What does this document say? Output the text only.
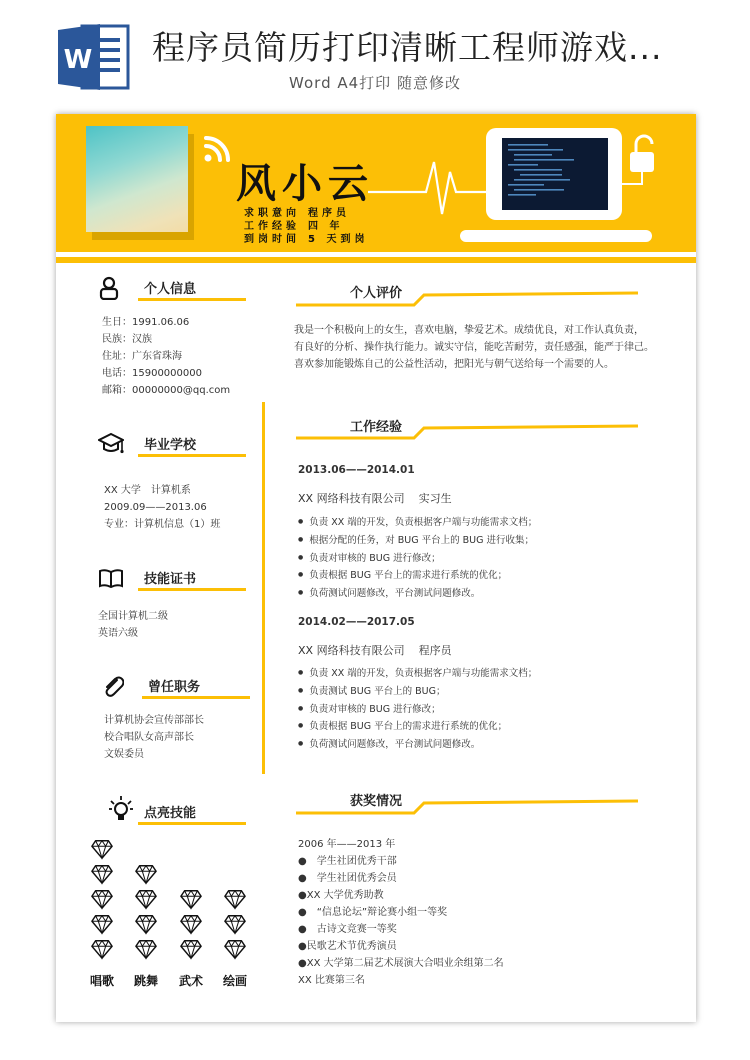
W 程序员简历打印清晰工程师游戏...
Word A4打印 随意修改
风小云
求职意向 程序员
工作经验 四 年
到岗时间 5 天到岗
个人信息
生日：1991.06.06
民族：汉族
住址：广东省珠海
电话：15900000000
邮箱：00000000@qq.com
毕业学校
XX 大学　计算机系
2009.09——2013.06
专业：计算机信息（1）班
技能证书
全国计算机二级
英语六级
曾任职务
计算机协会宣传部部长
校合唱队女高声部长
文娱委员
点亮技能
唱歌	跳舞	武术	绘画
个人评价
我是一个积极向上的女生，喜欢电脑，挚爱艺术。成绩优良，对工作认真负责，
有良好的分析、操作执行能力。诚实守信，能吃苦耐劳，责任感强，能严于律己。
喜欢参加能锻炼自己的公益性活动，把阳光与朝气送给每一个需要的人。
工作经验
2013.06——2014.01
XX 网络科技有限公司 实习生
● 负责 XX 端的开发，负责根据客户端与功能需求文档；
● 根据分配的任务，对 BUG 平台上的 BUG 进行收集；
● 负责对审核的 BUG 进行修改；
● 负责根据 BUG 平台上的需求进行系统的优化；
● 负荷测试问题修改，平台测试问题修改。
2014.02——2017.05
XX 网络科技有限公司 程序员
● 负责 XX 端的开发，负责根据客户端与功能需求文档；
● 负责测试 BUG 平台上的 BUG；
● 负责对审核的 BUG 进行修改；
● 负责根据 BUG 平台上的需求进行系统的优化；
● 负荷测试问题修改，平台测试问题修改。
获奖情况
2006 年——2013 年
●　学生社团优秀干部
●　学生社团优秀会员
●XX 大学优秀助教
●　“信息论坛”辩论赛小组一等奖
●　古诗文竞赛一等奖
●民歌艺术节优秀演员
●XX 大学第二届艺术展演大合唱业余组第二名
XX 比赛第三名
